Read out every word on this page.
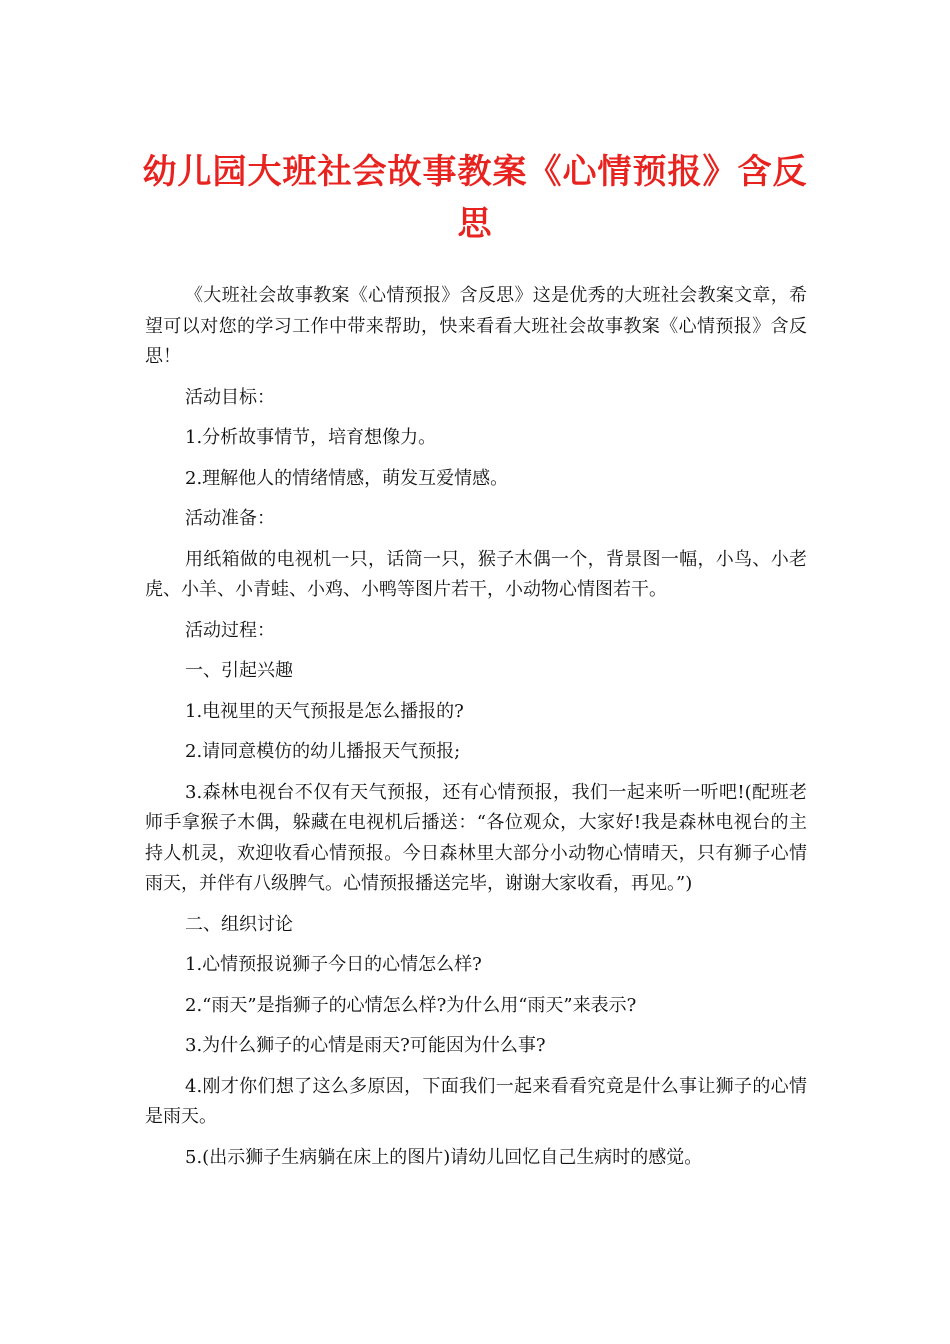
幼儿园大班社会故事教案《心情预报》含反思

《大班社会故事教案《心情预报》含反思》这是优秀的大班社会教案文章，希望可以对您的学习工作中带来帮助，快来看看大班社会故事教案《心情预报》含反思！

活动目标：

1.分析故事情节，培育想像力。

2.理解他人的情绪情感，萌发互爱情感。

活动准备：

用纸箱做的电视机一只，话筒一只，猴子木偶一个，背景图一幅，小鸟、小老虎、小羊、小青蛙、小鸡、小鸭等图片若干，小动物心情图若干。

活动过程：

一、引起兴趣

1.电视里的天气预报是怎么播报的?

2.请同意模仿的幼儿播报天气预报;

3.森林电视台不仅有天气预报，还有心情预报，我们一起来听一听吧!(配班老师手拿猴子木偶，躲藏在电视机后播送：“各位观众，大家好!我是森林电视台的主持人机灵，欢迎收看心情预报。今日森林里大部分小动物心情晴天，只有狮子心情雨天，并伴有八级脾气。心情预报播送完毕，谢谢大家收看，再见。”)

二、组织讨论

1.心情预报说狮子今日的心情怎么样?

2.“雨天”是指狮子的心情怎么样?为什么用“雨天”来表示?

3.为什么狮子的心情是雨天?可能因为什么事?

4.刚才你们想了这么多原因，下面我们一起来看看究竟是什么事让狮子的心情是雨天。

5.(出示狮子生病躺在床上的图片)请幼儿回忆自己生病时的感觉。
